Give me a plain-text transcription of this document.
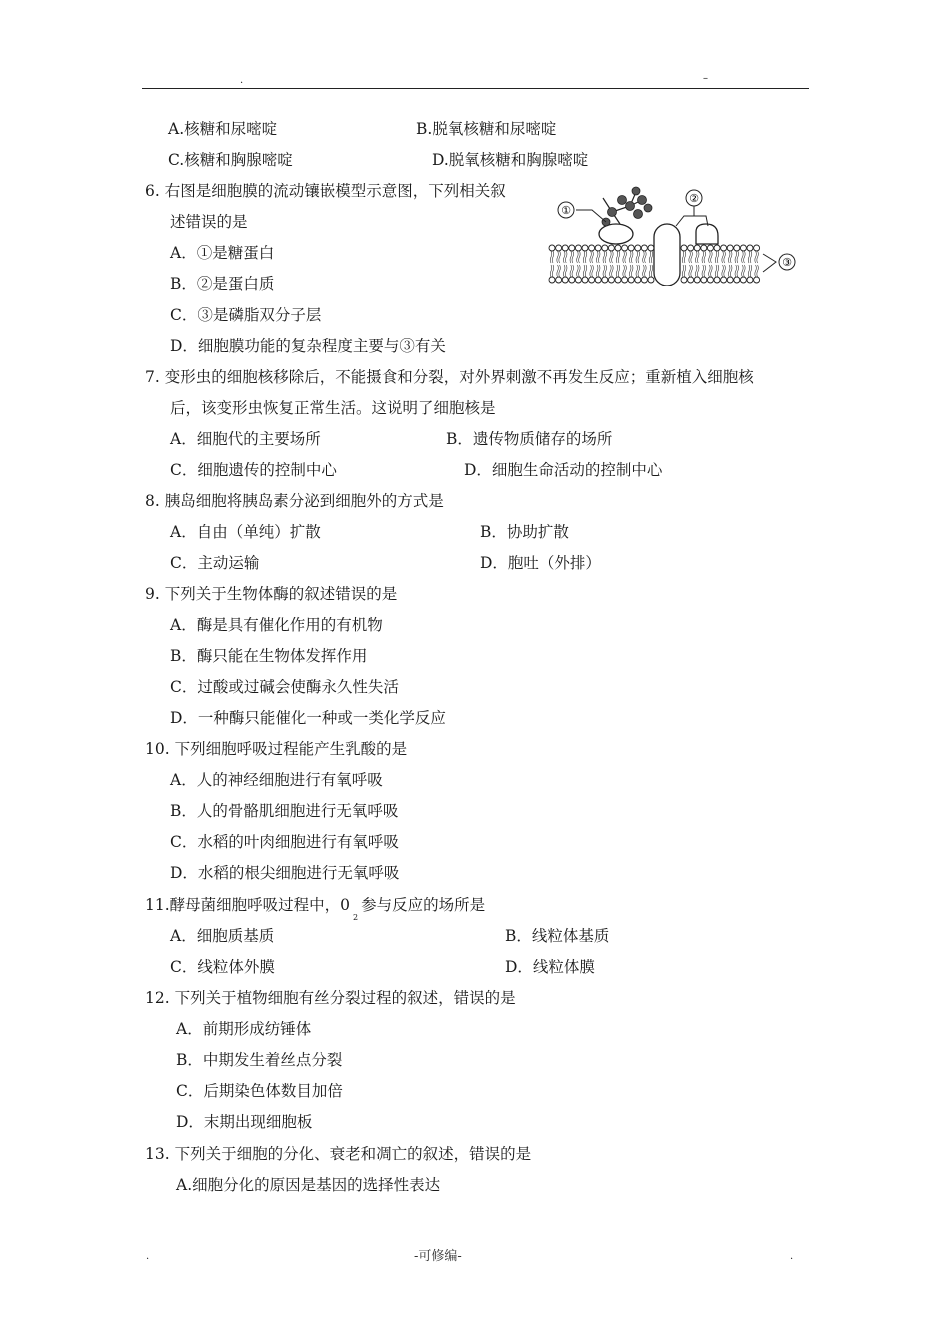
.	–
A.核糖和尿嘧啶	B.脱氧核糖和尿嘧啶
C.核糖和胸腺嘧啶	D.脱氧核糖和胸腺嘧啶
6. 右图是细胞膜的流动镶嵌模型示意图，下列相关叙
述错误的是
A．①是糖蛋白
B．②是蛋白质
C．③是磷脂双分子层
D．细胞膜功能的复杂程度主要与③有关
7. 变形虫的细胞核移除后，不能摄食和分裂，对外界刺激不再发生反应；重新植入细胞核
后，该变形虫恢复正常生活。这说明了细胞核是
A．细胞代的主要场所	B．遗传物质储存的场所
C．细胞遗传的控制中心	D．细胞生命活动的控制中心
8. 胰岛细胞将胰岛素分泌到细胞外的方式是
A．自由（单纯）扩散	B．协助扩散
C．主动运输	D．胞吐（外排）
9. 下列关于生物体酶的叙述错误的是
A．酶是具有催化作用的有机物
B．酶只能在生物体发挥作用
C．过酸或过碱会使酶永久性失活
D．一种酶只能催化一种或一类化学反应
10. 下列细胞呼吸过程能产生乳酸的是
A．人的神经细胞进行有氧呼吸
B．人的骨骼肌细胞进行无氧呼吸
C．水稻的叶肉细胞进行有氧呼吸
D．水稻的根尖细胞进行无氧呼吸
11.酵母菌细胞呼吸过程中，$0_2$参与反应的场所是
A．细胞质基质	B．线粒体基质
C．线粒体外膜	D．线粒体膜
12. 下列关于植物细胞有丝分裂过程的叙述，错误的是
A．前期形成纺锤体
B．中期发生着丝点分裂
C．后期染色体数目加倍
D．末期出现细胞板
13. 下列关于细胞的分化、衰老和凋亡的叙述，错误的是
A.细胞分化的原因是基因的选择性表达
①
②
③
.	-可修编-	.
